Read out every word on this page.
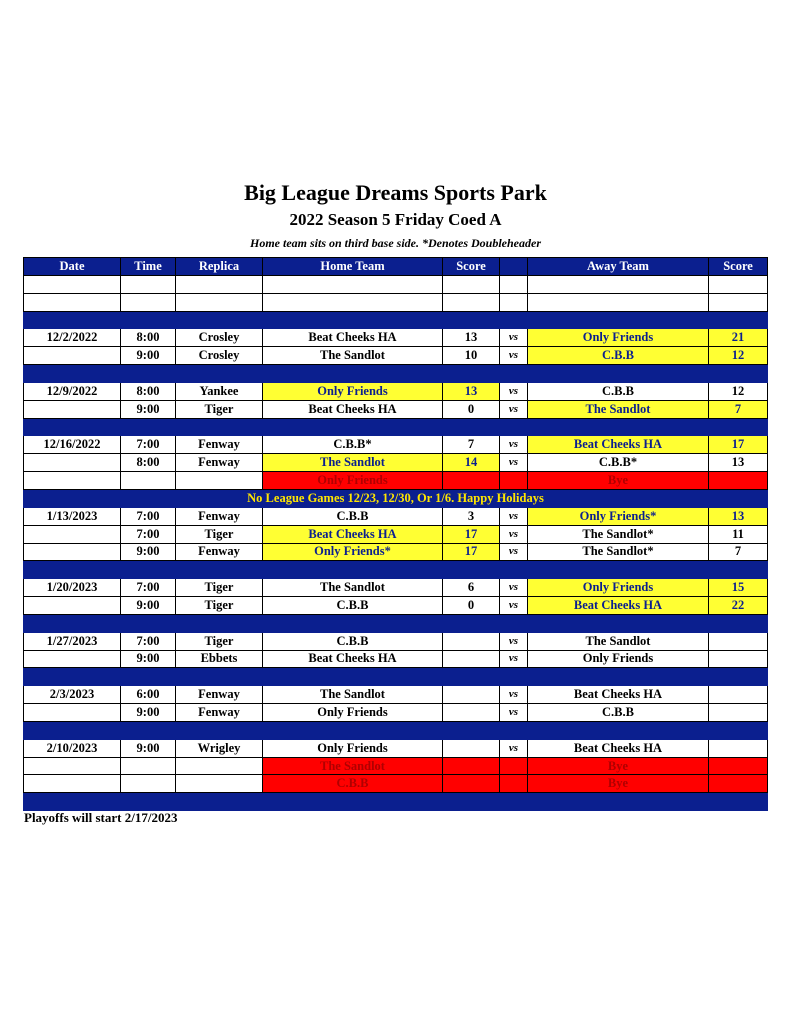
Big League Dreams Sports Park
2022 Season 5 Friday Coed A
Home team sits on third base side. *Denotes Doubleheader
Date	Time	Replica	Home Team	Score		Away Team	Score

12/2/2022	8:00	Crosley	Beat Cheeks HA	13	vs	Only Friends	21
	9:00	Crosley	The Sandlot	10	vs	C.B.B	12

12/9/2022	8:00	Yankee	Only Friends	13	vs	C.B.B	12
	9:00	Tiger	Beat Cheeks HA	0	vs	The Sandlot	7

12/16/2022	7:00	Fenway	C.B.B*	7	vs	Beat Cheeks HA	17
	8:00	Fenway	The Sandlot	14	vs	C.B.B*	13
			Only Friends			Bye	
No League Games 12/23, 12/30, Or 1/6. Happy Holidays							
1/13/2023	7:00	Fenway	C.B.B	3	vs	Only Friends*	13
	7:00	Tiger	Beat Cheeks HA	17	vs	The Sandlot*	11
	9:00	Fenway	Only Friends*	17	vs	The Sandlot*	7

1/20/2023	7:00	Tiger	The Sandlot	6	vs	Only Friends	15
	9:00	Tiger	C.B.B	0	vs	Beat Cheeks HA	22

1/27/2023	7:00	Tiger	C.B.B		vs	The Sandlot	
	9:00	Ebbets	Beat Cheeks HA		vs	Only Friends	

2/3/2023	6:00	Fenway	The Sandlot		vs	Beat Cheeks HA	
	9:00	Fenway	Only Friends		vs	C.B.B	

2/10/2023	9:00	Wrigley	Only Friends		vs	Beat Cheeks HA	
			The Sandlot			Bye	
			C.B.B			Bye	

Playoffs will start 2/17/2023
